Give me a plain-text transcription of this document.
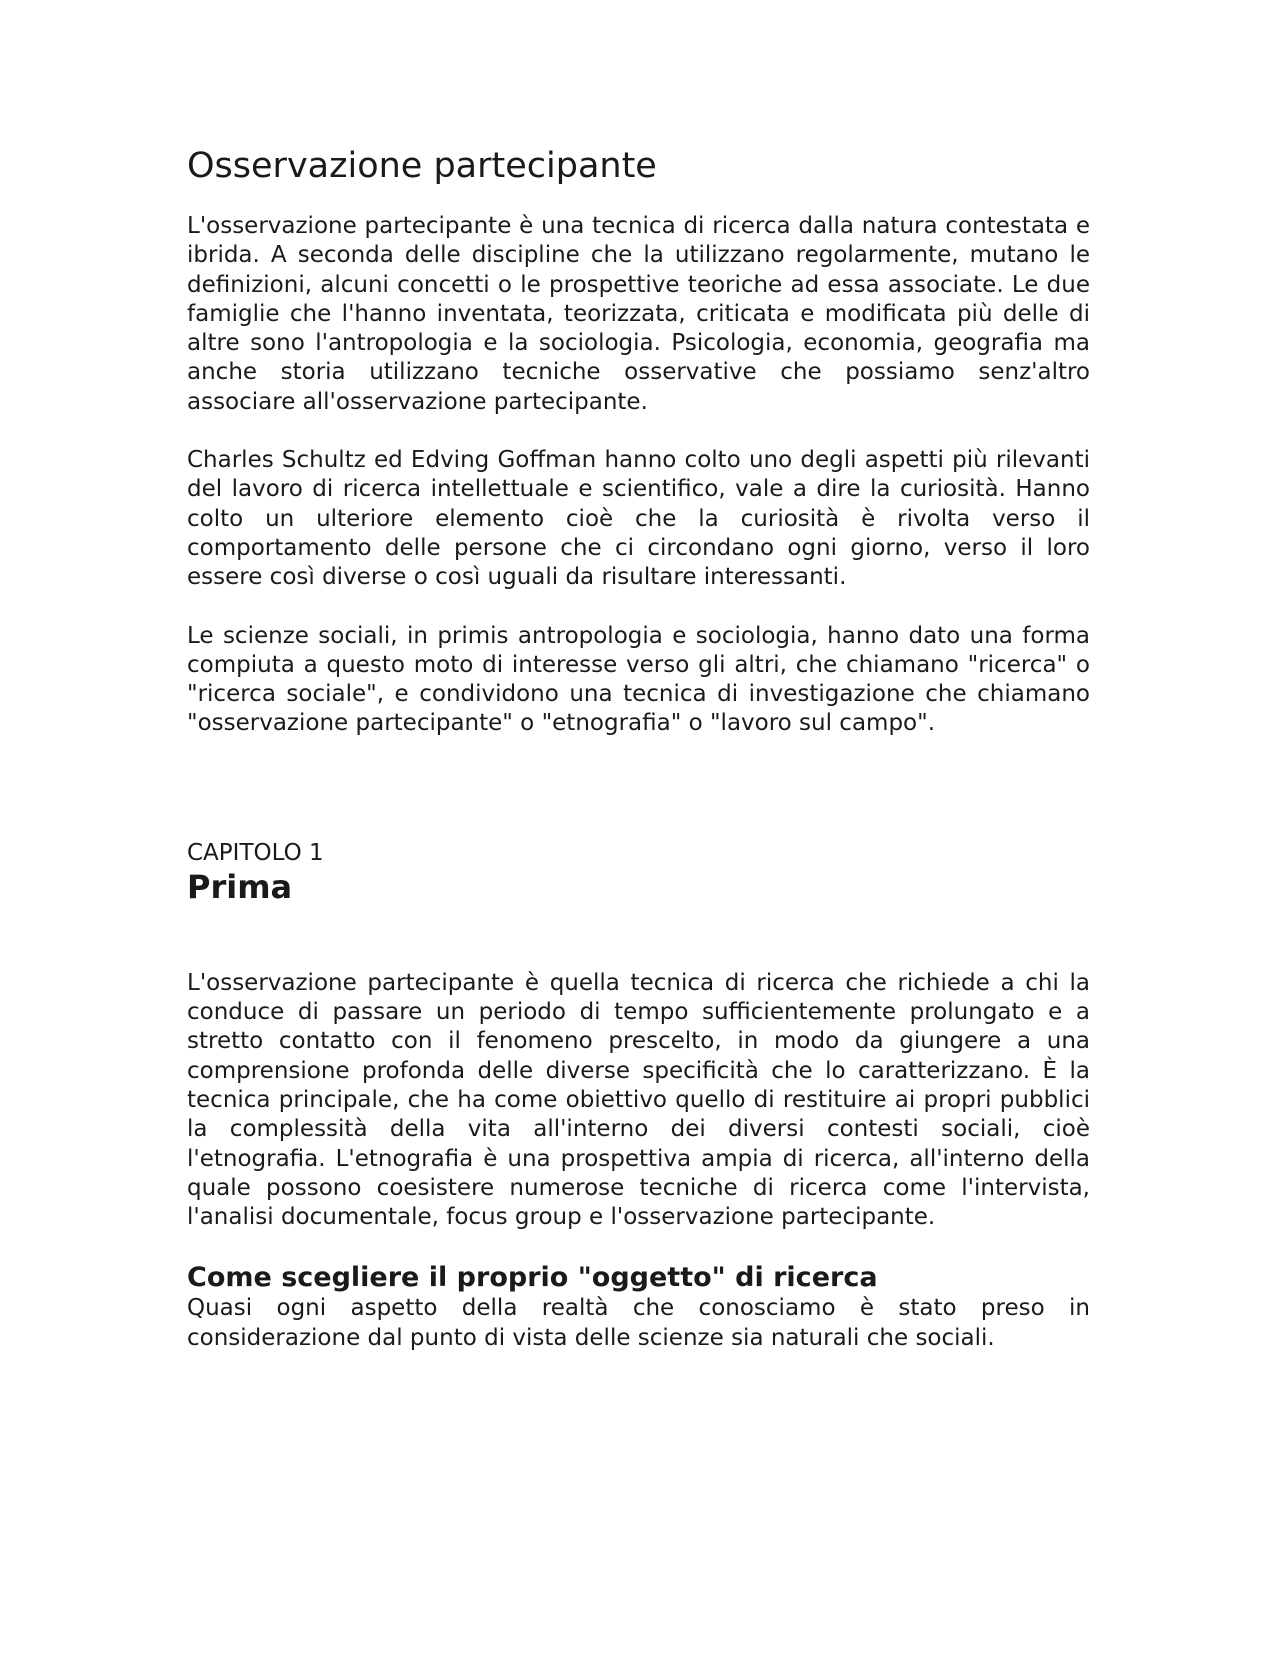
Osservazione partecipante

L'osservazione partecipante è una tecnica di ricerca dalla natura contestata e ibrida. A seconda delle discipline che la utilizzano regolarmente, mutano le definizioni, alcuni concetti o le prospettive teoriche ad essa associate. Le due famiglie che l'hanno inventata, teorizzata, criticata e modificata più delle di altre sono l'antropologia e la sociologia. Psicologia, economia, geografia ma anche storia utilizzano tecniche osservative che possiamo senz'altro associare all'osservazione partecipante.

Charles Schultz ed Edving Goffman hanno colto uno degli aspetti più rilevanti del lavoro di ricerca intellettuale e scientifico, vale a dire la curiosità. Hanno colto un ulteriore elemento cioè che la curiosità è rivolta verso il comportamento delle persone che ci circondano ogni giorno, verso il loro essere così diverse o così uguali da risultare interessanti.

Le scienze sociali, in primis antropologia e sociologia, hanno dato una forma compiuta a questo moto di interesse verso gli altri, che chiamano "ricerca" o "ricerca sociale", e condividono una tecnica di investigazione che chiamano "osservazione partecipante" o "etnografia" o "lavoro sul campo".

CAPITOLO 1
Prima

L'osservazione partecipante è quella tecnica di ricerca che richiede a chi la conduce di passare un periodo di tempo sufficientemente prolungato e a stretto contatto con il fenomeno prescelto, in modo da giungere a una comprensione profonda delle diverse specificità che lo caratterizzano. È la tecnica principale, che ha come obiettivo quello di restituire ai propri pubblici la complessità della vita all'interno dei diversi contesti sociali, cioè l'etnografia. L'etnografia è una prospettiva ampia di ricerca, all'interno della quale possono coesistere numerose tecniche di ricerca come l'intervista, l'analisi documentale, focus group e l'osservazione partecipante.

Come scegliere il proprio "oggetto" di ricerca

Quasi ogni aspetto della realtà che conosciamo è stato preso in considerazione dal punto di vista delle scienze sia naturali che sociali.
